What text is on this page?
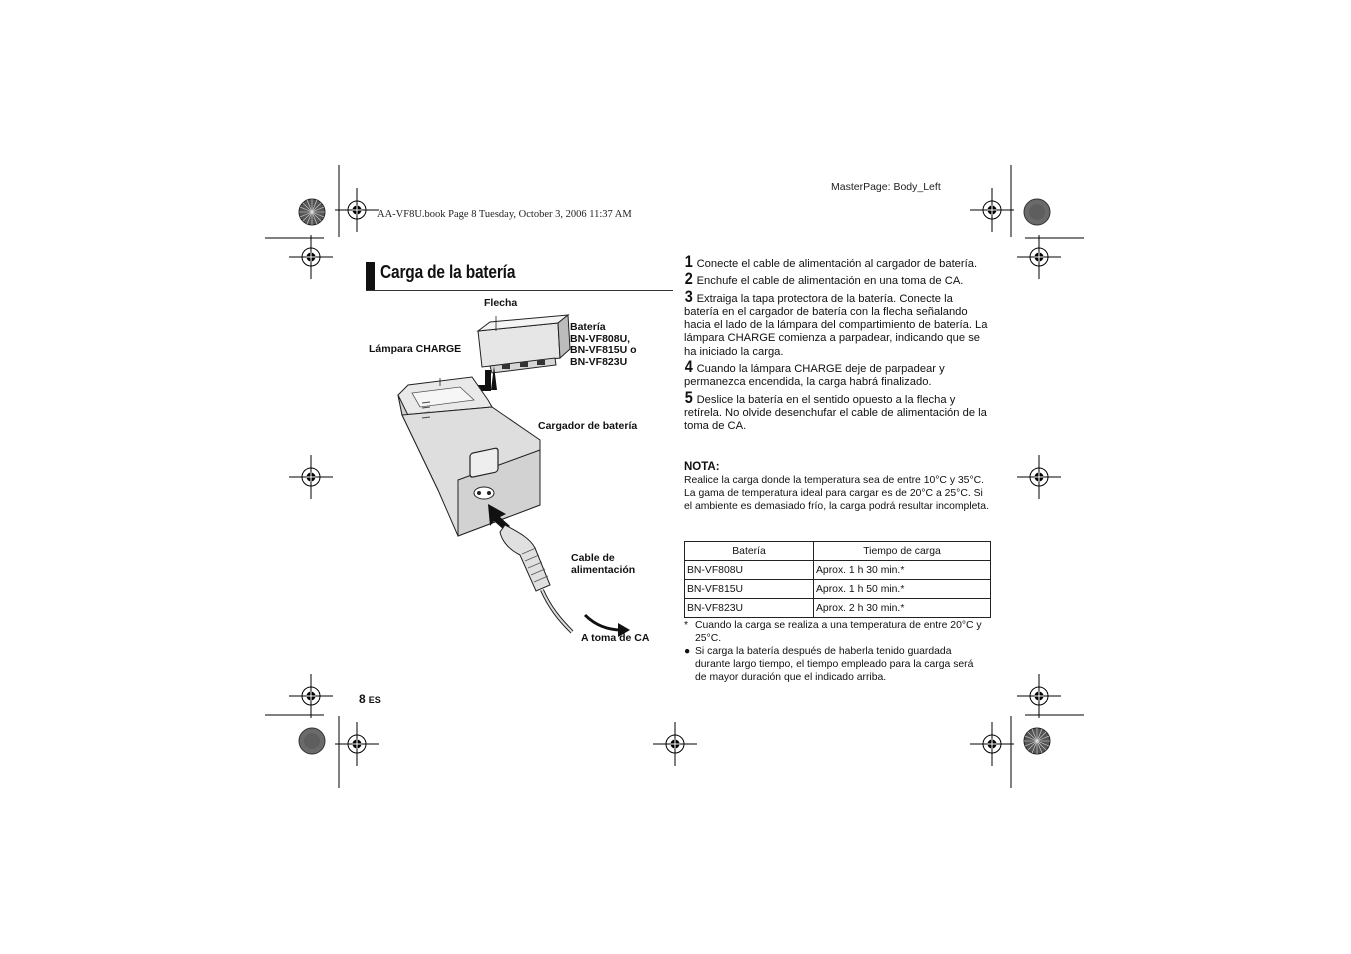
AA-VF8U.book Page 8 Tuesday, October 3, 2006 11:37 AM
MasterPage: Body_Left
Carga de la batería
Flecha
Batería
BN-VF808U,
BN-VF815U o
BN-VF823U
Lámpara CHARGE
Cargador de batería
Cable de
alimentación
A toma de CA
1 Conecte el cable de alimentación al cargador de batería.
2 Enchufe el cable de alimentación en una toma de CA.
3 Extraiga la tapa protectora de la batería. Conecte la batería en el cargador de batería con la flecha señalando hacia el lado de la lámpara del compartimiento de batería. La lámpara CHARGE comienza a parpadear, indicando que se ha iniciado la carga.
4 Cuando la lámpara CHARGE deje de parpadear y permanezca encendida, la carga habrá finalizado.
5 Deslice la batería en el sentido opuesto a la flecha y retírela. No olvide desenchufar el cable de alimentación de la toma de CA.
NOTA:
Realice la carga donde la temperatura sea de entre 10°C y 35°C. La gama de temperatura ideal para cargar es de 20°C a 25°C. Si el ambiente es demasiado frío, la carga podrá resultar incompleta.
Batería	Tiempo de carga
BN-VF808U	Aprox. 1 h 30 min.*
BN-VF815U	Aprox. 1 h 50 min.*
BN-VF823U	Aprox. 2 h 30 min.*
* Cuando la carga se realiza a una temperatura de entre 20°C y 25°C.
● Si carga la batería después de haberla tenido guardada durante largo tiempo, el tiempo empleado para la carga será de mayor duración que el indicado arriba.
8 ES
